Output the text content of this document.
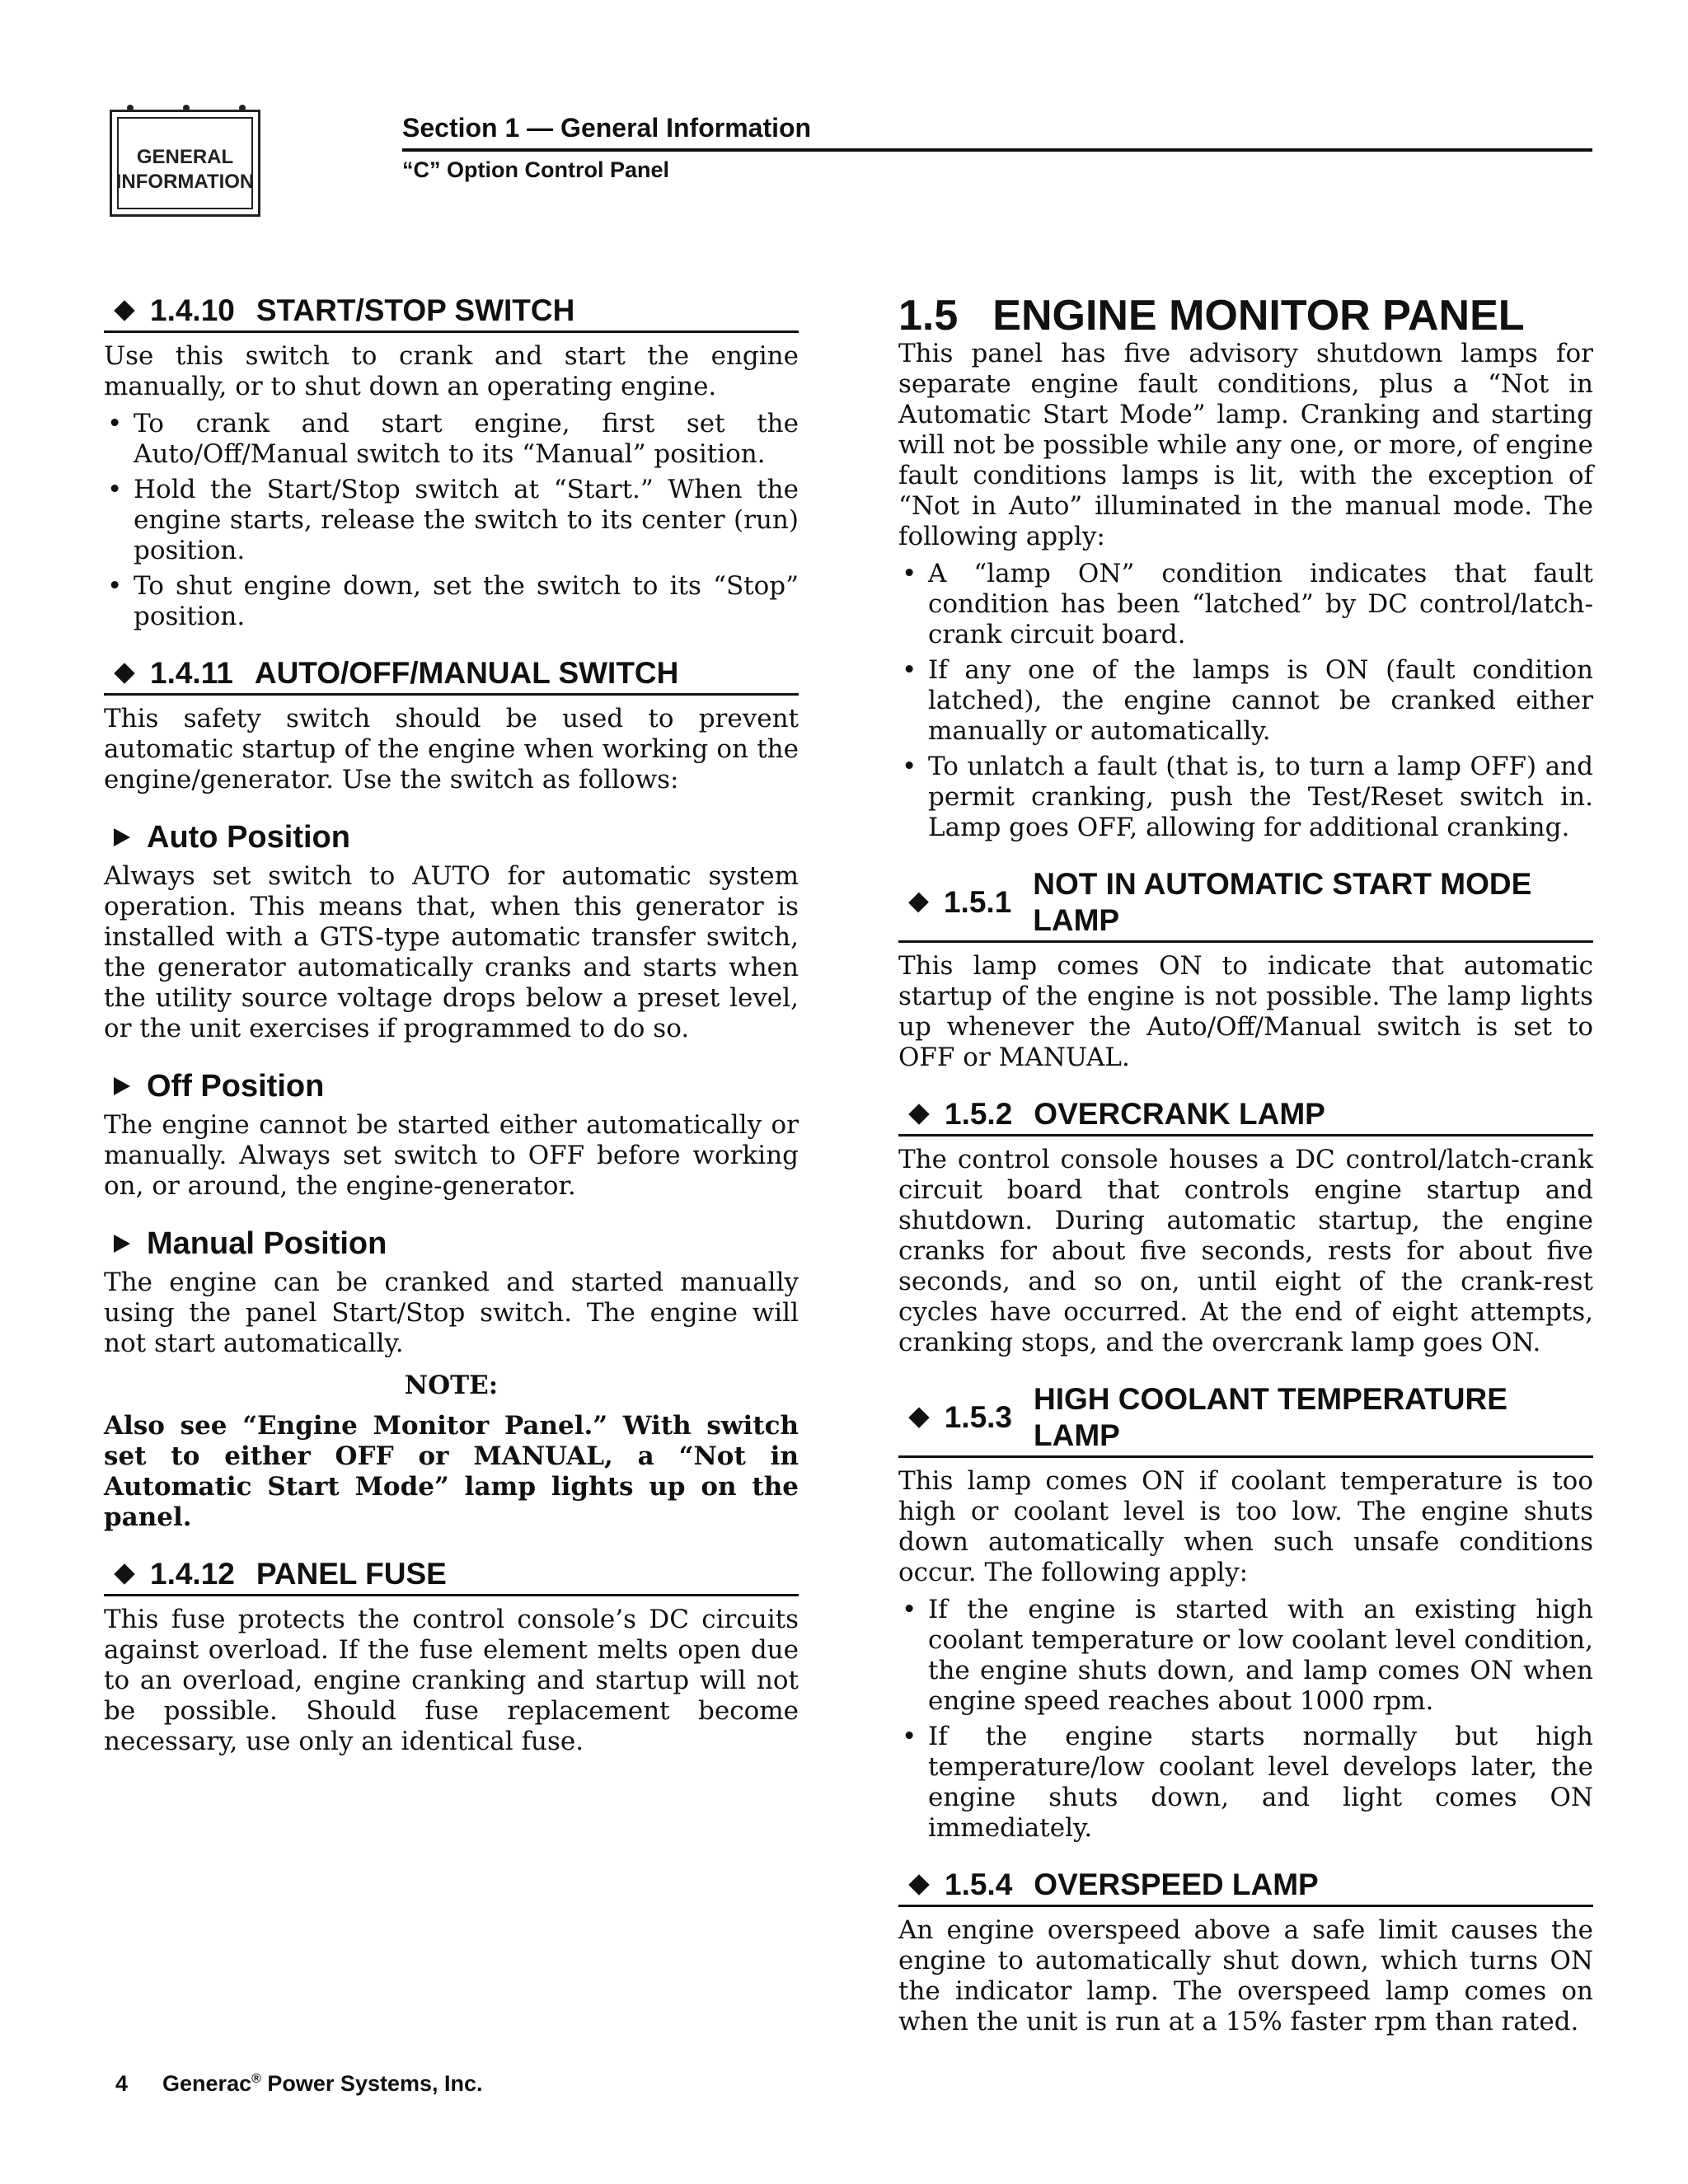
GENERAL
INFORMATION
Section 1 — General Information
“C” Option Control Panel
1.4.10 START/STOP SWITCH

Use this switch to crank and start the engine manually, or to shut down an operating engine.

• To crank and start engine, first set the Auto/Off/Manual switch to its “Manual” position.
• Hold the Start/Stop switch at “Start.” When the engine starts, release the switch to its center (run) position.
• To shut engine down, set the switch to its “Stop” position.
1.4.11 AUTO/OFF/MANUAL SWITCH

This safety switch should be used to prevent automatic startup of the engine when working on the engine/generator. Use the switch as follows:

Auto Position

Always set switch to AUTO for automatic system operation. This means that, when this generator is installed with a GTS-type automatic transfer switch, the generator automatically cranks and starts when the utility source voltage drops below a preset level, or the unit exercises if programmed to do so.

Off Position

The engine cannot be started either automatically or manually. Always set switch to OFF before working on, or around, the engine-generator.

Manual Position

The engine can be cranked and started manually using the panel Start/Stop switch. The engine will not start automatically.

NOTE:

Also see “Engine Monitor Panel.” With switch set to either OFF or MANUAL, a “Not in Automatic Start Mode” lamp lights up on the panel.

1.4.12 PANEL FUSE

This fuse protects the control console’s DC circuits against overload. If the fuse element melts open due to an overload, engine cranking and startup will not be possible. Should fuse replacement become necessary, use only an identical fuse.

1.5 ENGINE MONITOR PANEL

This panel has five advisory shutdown lamps for separate engine fault conditions, plus a “Not in Automatic Start Mode” lamp. Cranking and starting will not be possible while any one, or more, of engine fault conditions lamps is lit, with the exception of “Not in Auto” illuminated in the manual mode. The following apply:

• A “lamp ON” condition indicates that fault condition has been “latched” by DC control/latch-crank circuit board.
• If any one of the lamps is ON (fault condition latched), the engine cannot be cranked either manually or automatically.
• To unlatch a fault (that is, to turn a lamp OFF) and permit cranking, push the Test/Reset switch in. Lamp goes OFF, allowing for additional cranking.
1.5.1
NOT IN AUTOMATIC START MODE LAMP

This lamp comes ON to indicate that automatic startup of the engine is not possible. The lamp lights up whenever the Auto/Off/Manual switch is set to OFF or MANUAL.

1.5.2 OVERCRANK LAMP

The control console houses a DC control/latch-crank circuit board that controls engine startup and shutdown. During automatic startup, the engine cranks for about five seconds, rests for about five seconds, and so on, until eight of the crank-rest cycles have occurred. At the end of eight attempts, cranking stops, and the overcrank lamp goes ON.

1.5.3
HIGH COOLANT TEMPERATURE LAMP

This lamp comes ON if coolant temperature is too high or coolant level is too low. The engine shuts down automatically when such unsafe conditions occur. The following apply:

• If the engine is started with an existing high coolant temperature or low coolant level condition, the engine shuts down, and lamp comes ON when engine speed reaches about 1000 rpm.
• If the engine starts normally but high temperature/low coolant level develops later, the engine shuts down, and light comes ON immediately.
1.5.4 OVERSPEED LAMP

An engine overspeed above a safe limit causes the engine to automatically shut down, which turns ON the indicator lamp. The overspeed lamp comes on when the unit is run at a 15% faster rpm than rated.

4 Generac® Power Systems, Inc.
